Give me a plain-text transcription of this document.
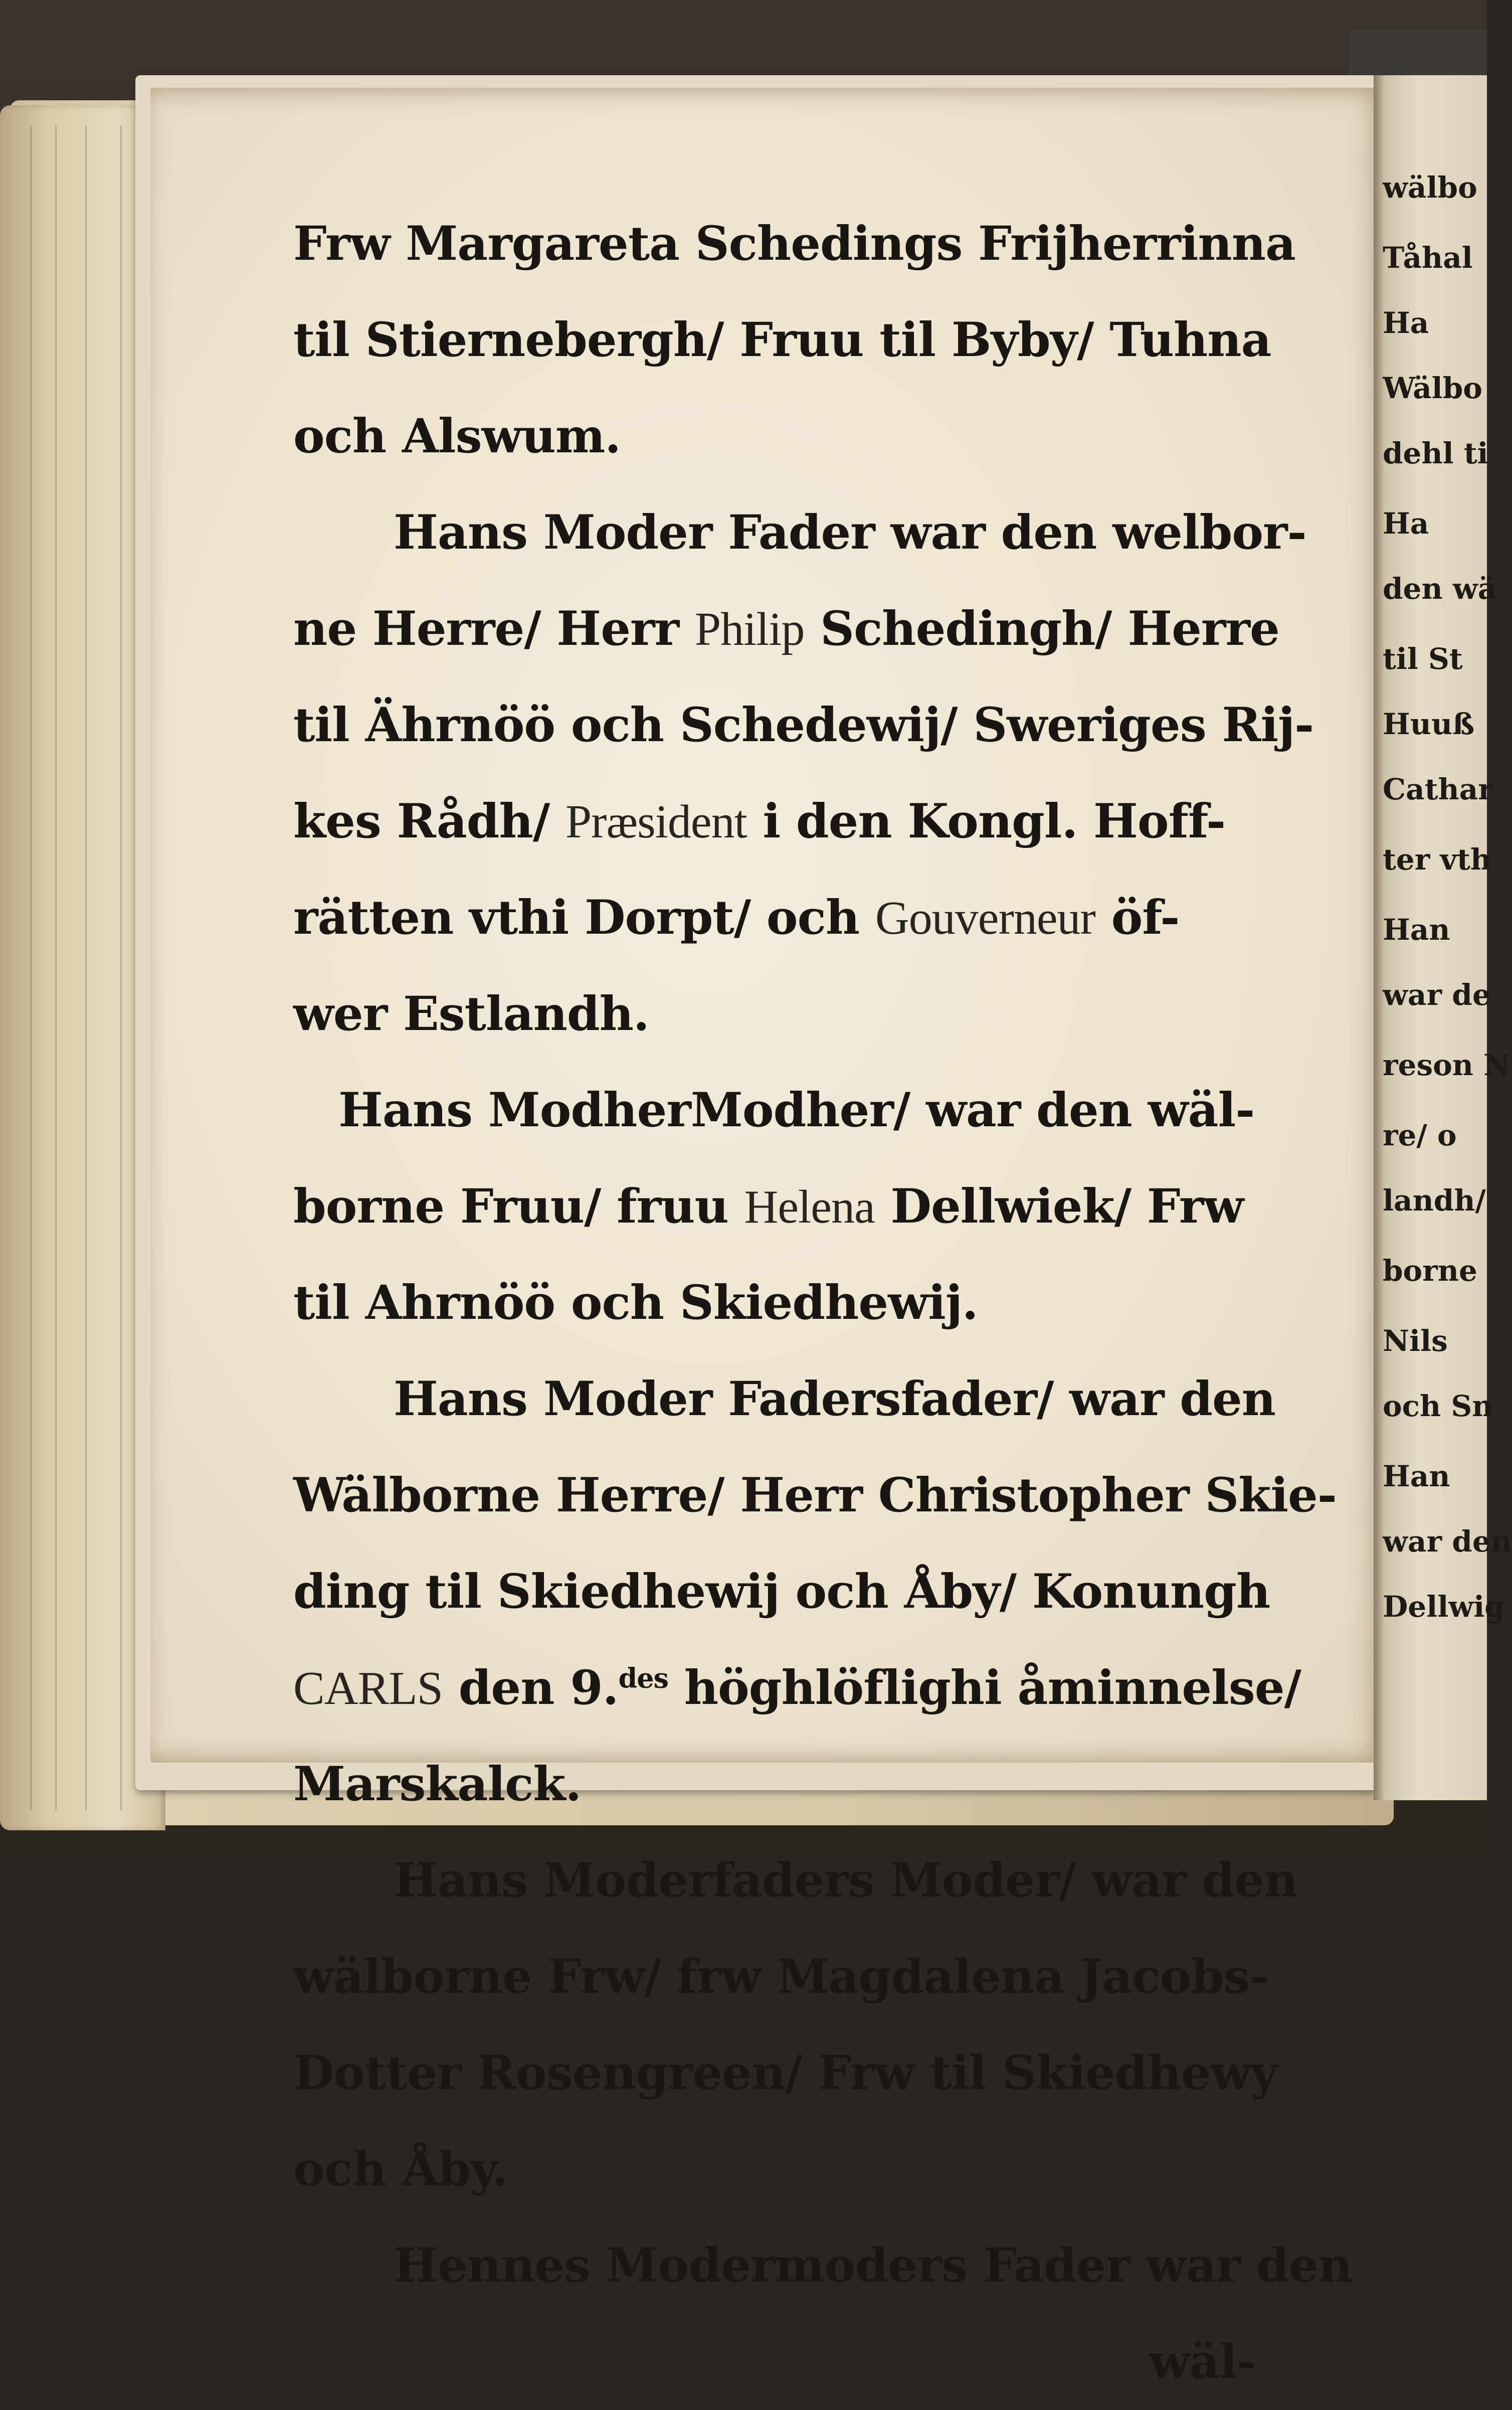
Frw Margareta Schedings Frijherrinna
til Stiernebergh/ Fruu til Byby/ Tuhna
och Alswum.
Hans Moder Fader war den welbor-
ne Herre/ Herr Philip Schedingh/ Herre
til Ährnöö och Schedewij/ Sweriges Rij-
kes Rådh/ Præsident i den Kongl. Hoff-
rätten vthi Dorpt/ och Gouverneur öf-
wer Estlandh.
Hans ModherModher/ war den wäl-
borne Fruu/ fruu Helena Dellwiek/ Frw
til Ahrnöö och Skiedhewij.
Hans Moder Fadersfader/ war den
Wälborne Herre/ Herr Christopher Skie-
ding til Skiedhewij och Åby/ Konungh
CARLS den 9.$^{des}$ höghlöflighi åminnelse/
Marskalck.
Hans Moderfaders Moder/ war den
wälborne Frw/ frw Magdalena Jacobs-
Dotter Rosengreen/ Frw til Skiedhewy
och Åby.
Hennes Modermoders Fader war den
wäl-
wälbo
Tåhal
Ha
Wälbo
dehl ti
Ha
den wä
til St
Huuß
Cathar
ter vth
Han
war de
reson N
re/ o
landh/
borne
Nils
och Sn
Han
war den
Dellwig
